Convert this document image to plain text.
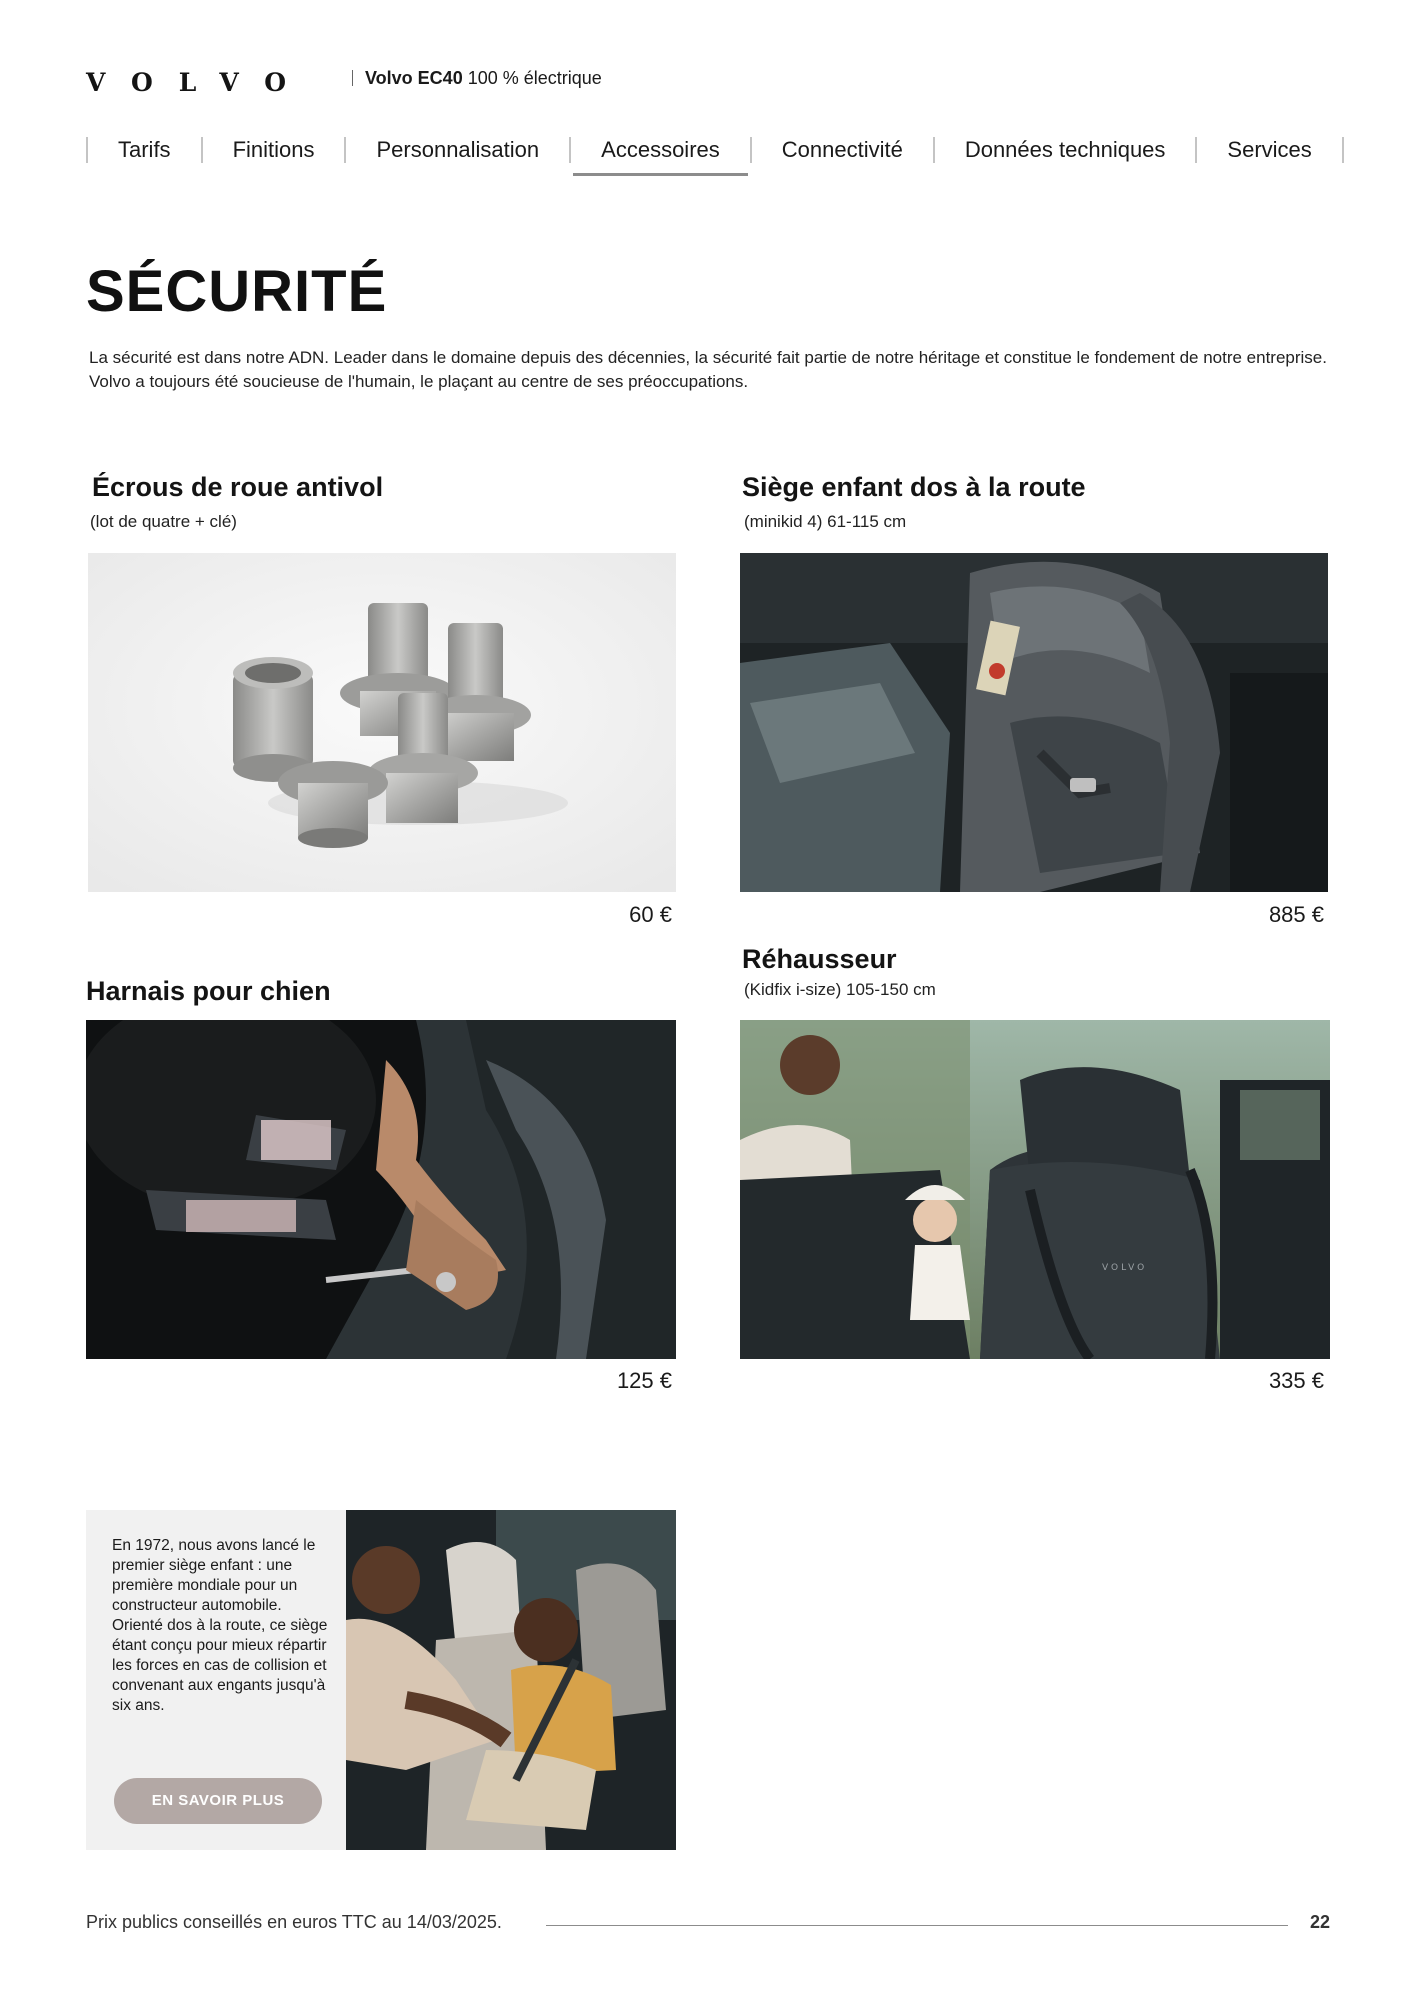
VOLVO	Volvo EC40 100 % électrique
Tarifs	Finitions	Personnalisation	Accessoires	Connectivité	Données techniques	Services
SÉCURITÉ

La sécurité est dans notre ADN. Leader dans le domaine depuis des décennies, la sécurité fait partie de notre héritage et constitue le fondement de notre entreprise. Volvo a toujours été soucieuse de l'humain, le plaçant au centre de ses préoccupations.

Écrous de roue antivol
(lot de quatre + clé)
60 €
Siège enfant dos à la route
(minikid 4) 61-115 cm
885 €
Harnais pour chien
125 €
Réhausseur
(Kidfix i-size) 105-150 cm
VOLVO
335 €

En 1972, nous avons lancé le premier siège enfant : une première mondiale pour un constructeur automobile. Orienté dos à la route, ce siège étant conçu pour mieux répartir les forces en cas de collision et convenant aux engants jusqu'à six ans.

EN SAVOIR PLUS
Prix publics conseillés en euros TTC au 14/03/2025.	22
